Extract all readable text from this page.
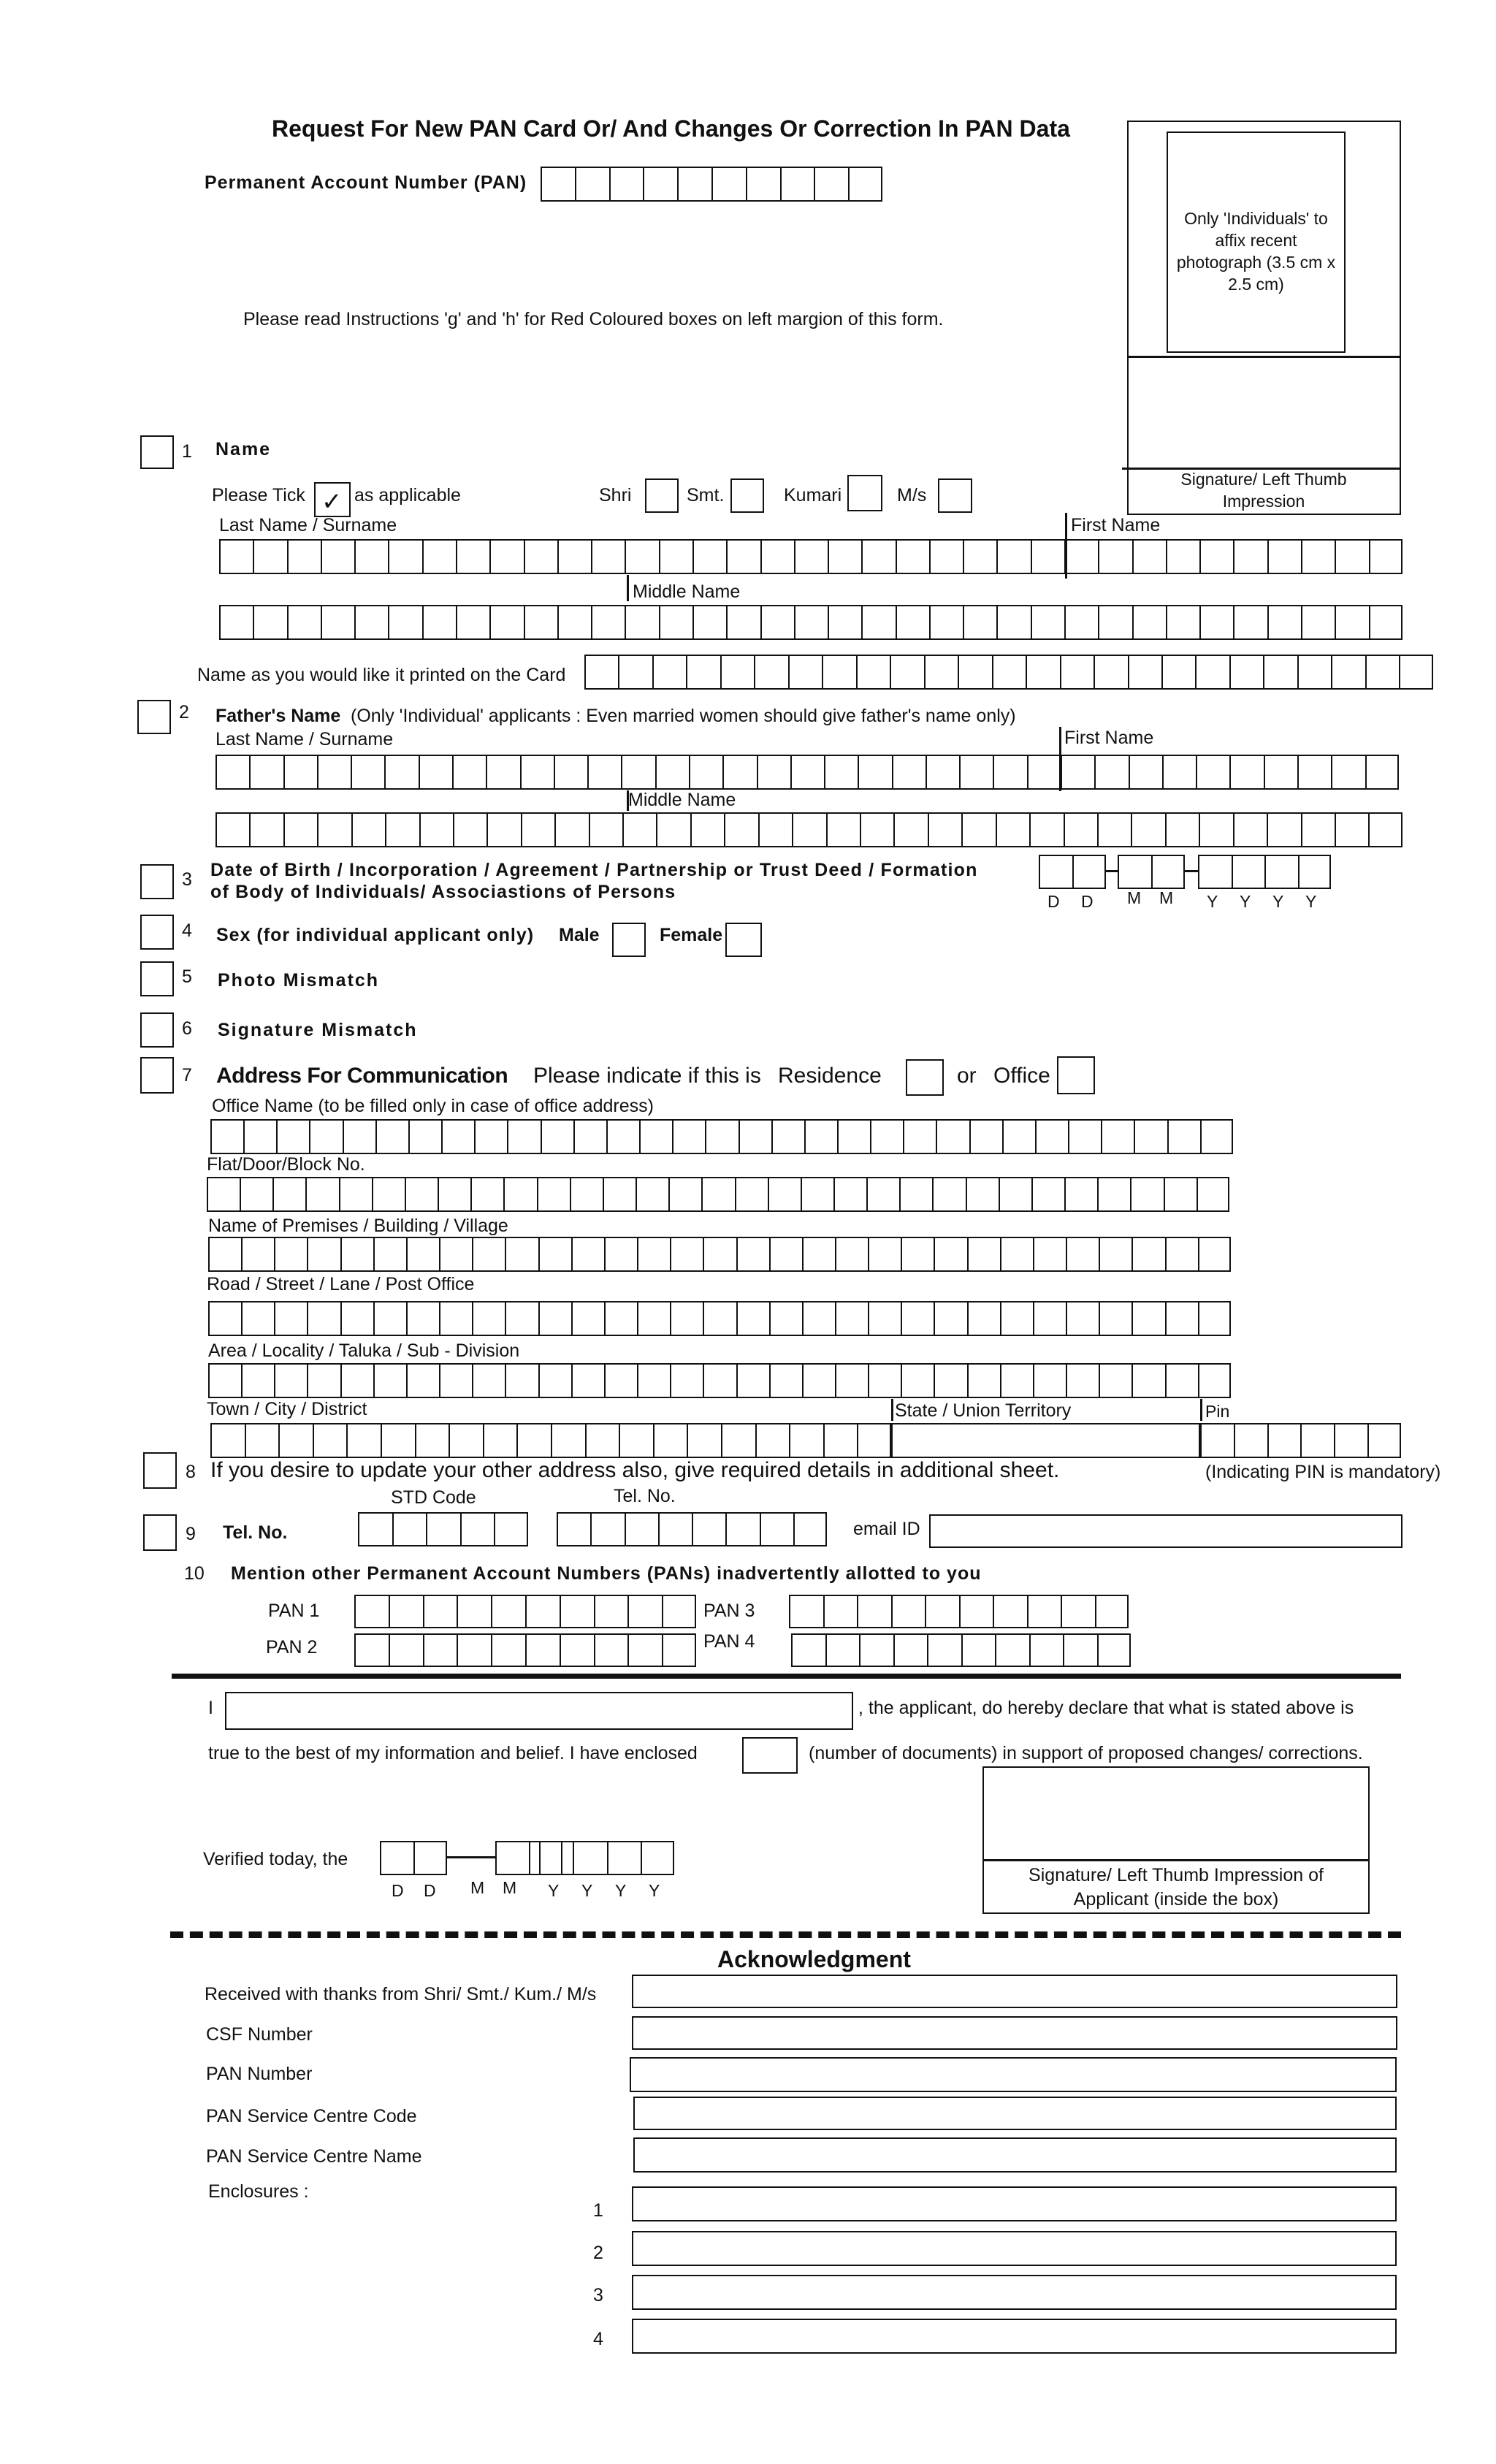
Request For New PAN Card Or/ And Changes Or Correction In PAN Data
Permanent Account Number (PAN)
Please read Instructions 'g' and 'h' for Red Coloured boxes on left margion of this form.
Only 'Individuals' to affix recent photograph (3.5 cm x 2.5 cm)
Signature/ Left Thumb Impression
1 Name
Please Tick ✓ as applicable	Shri	Smt.	Kumari	M/s
Last Name / Surname	First Name
Middle Name
Name as you would like it printed on the Card
2 Father's Name (Only 'Individual' applicants : Even married women should give father's name only)
Last Name / Surname	First Name
Middle Name
3 Date of Birth / Incorporation / Agreement / Partnership or Trust Deed / Formation
of Body of Individuals/ Associastions of Persons	D D M M Y Y Y Y
4 Sex (for individual applicant only) Male	Female
5 Photo Mismatch
6 Signature Mismatch
7 Address For Communication Please indicate if this is Residence	or Office
Office Name (to be filled only in case of office address)
Flat/Door/Block No.
Name of Premises / Building / Village
Road / Street / Lane / Post Office
Area / Locality / Taluka / Sub - Division
Town / City / District	State / Union Territory	Pin
8 If you desire to update your other address also, give required details in additional sheet.	(Indicating PIN is mandatory)
9 Tel. No.
STD Code	Tel. No.
email ID
10 Mention other Permanent Account Numbers (PANs) inadvertently allotted to you
PAN 1	PAN 3
PAN 2	PAN 4
I	, the applicant, do hereby declare that what is stated above is
true to the best of my information and belief. I have enclosed	(number of documents) in support of proposed changes/ corrections.
Signature/ Left Thumb Impression of Applicant (inside the box)
Verified today, the
D D M M Y Y Y Y
Acknowledgment
Received with thanks from Shri/ Smt./ Kum./ M/s
CSF Number
PAN Number
PAN Service Centre Code
PAN Service Centre Name
Enclosures :
1
2
3
4
